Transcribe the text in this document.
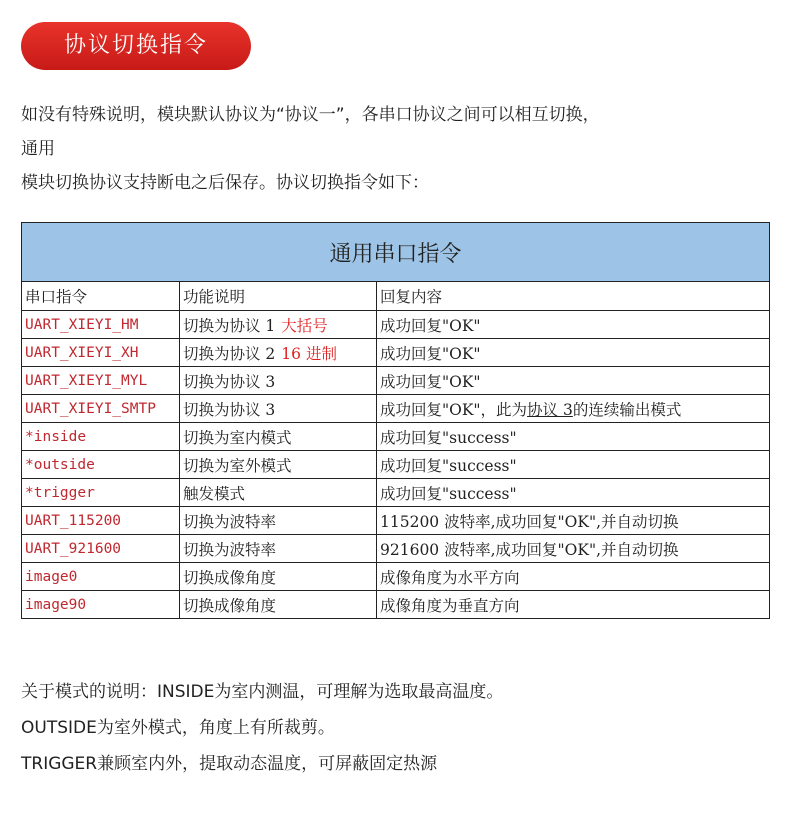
协议切换指令

如没有特殊说明，模块默认协议为“协议一”，各串口协议之间可以相互切换，

通用

模块切换协议支持断电之后保存。协议切换指令如下：

通用串口指令		
串口指令	功能说明	回复内容
UART_XIEYI_HM	切换为协议 1 大括号	成功回复"OK"
UART_XIEYI_XH	切换为协议 2 16 进制	成功回复"OK"
UART_XIEYI_MYL	切换为协议 3	成功回复"OK"
UART_XIEYI_SMTP	切换为协议 3	成功回复"OK"，此为协议 3的连续输出模式
*inside	切换为室内模式	成功回复"success"
*outside	切换为室外模式	成功回复"success"
*trigger	触发模式	成功回复"success"
UART_115200	切换为波特率	115200 波特率,成功回复"OK",并自动切换
UART_921600	切换为波特率	921600 波特率,成功回复"OK",并自动切换
image0	切换成像角度	成像角度为水平方向
image90	切换成像角度	成像角度为垂直方向

关于模式的说明：INSIDE为室内测温，可理解为选取最高温度。

OUTSIDE为室外模式，角度上有所裁剪。

TRIGGER兼顾室内外，提取动态温度，可屏蔽固定热源
